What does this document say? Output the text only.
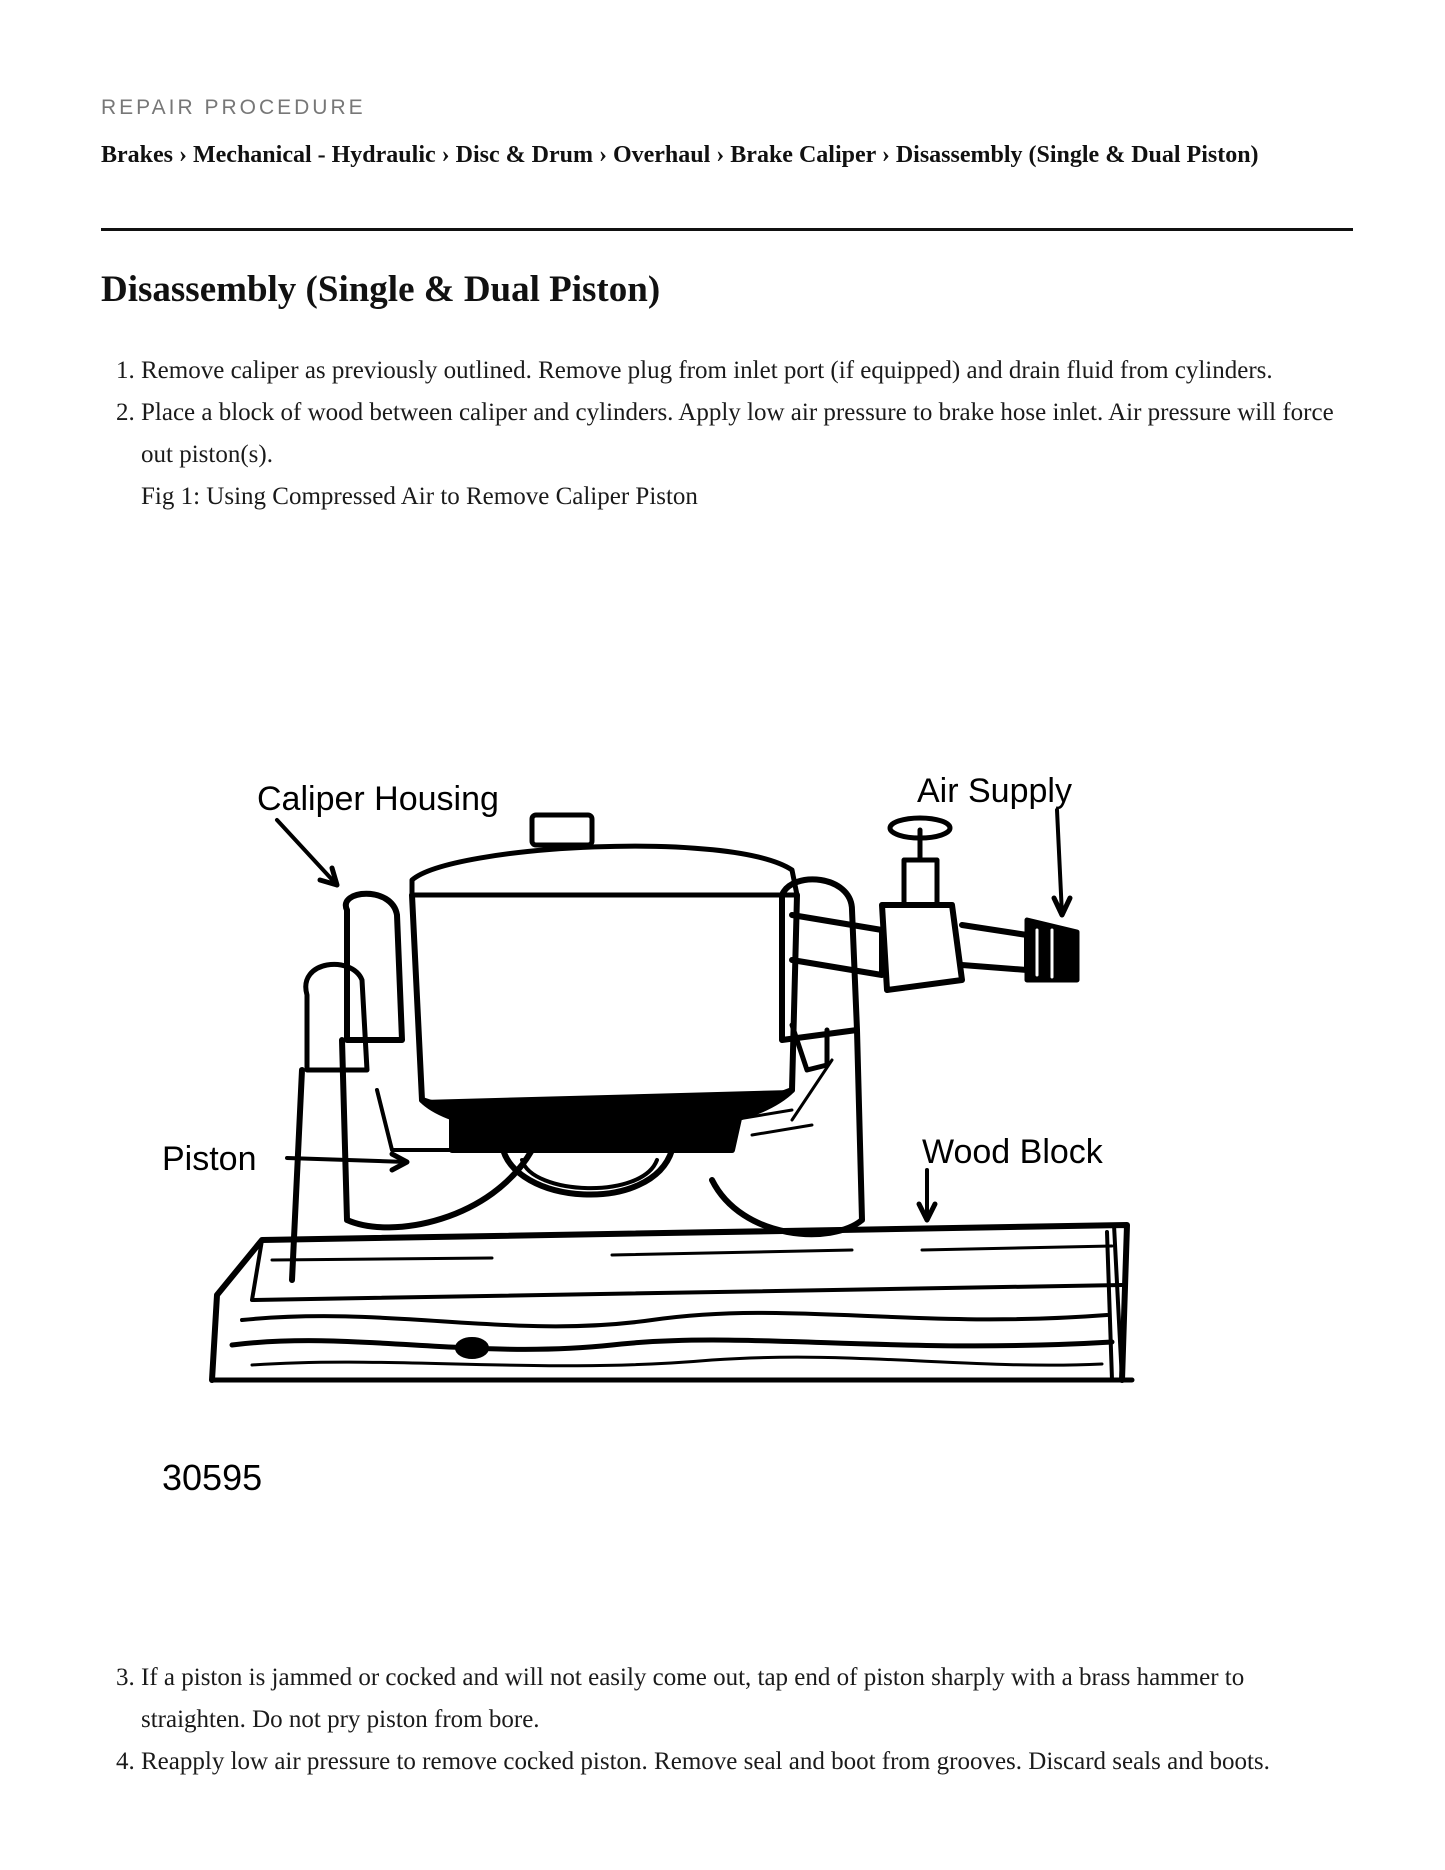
REPAIR PROCEDURE
Brakes › Mechanical - Hydraulic › Disc & Drum › Overhaul › Brake Caliper › Disassembly (Single & Dual Piston)
Disassembly (Single & Dual Piston)
1. Remove caliper as previously outlined. Remove plug from inlet port (if equipped) and drain fluid from cylinders.
2. Place a block of wood between caliper and cylinders. Apply low air pressure to brake hose inlet. Air pressure will force out piston(s).
Fig 1: Using Compressed Air to Remove Caliper Piston
3. If a piston is jammed or cocked and will not easily come out, tap end of piston sharply with a brass hammer to straighten. Do not pry piston from bore.
4. Reapply low air pressure to remove cocked piston. Remove seal and boot from grooves. Discard seals and boots.
Caliper Housing	Air Supply
Piston	Wood Block
30595
